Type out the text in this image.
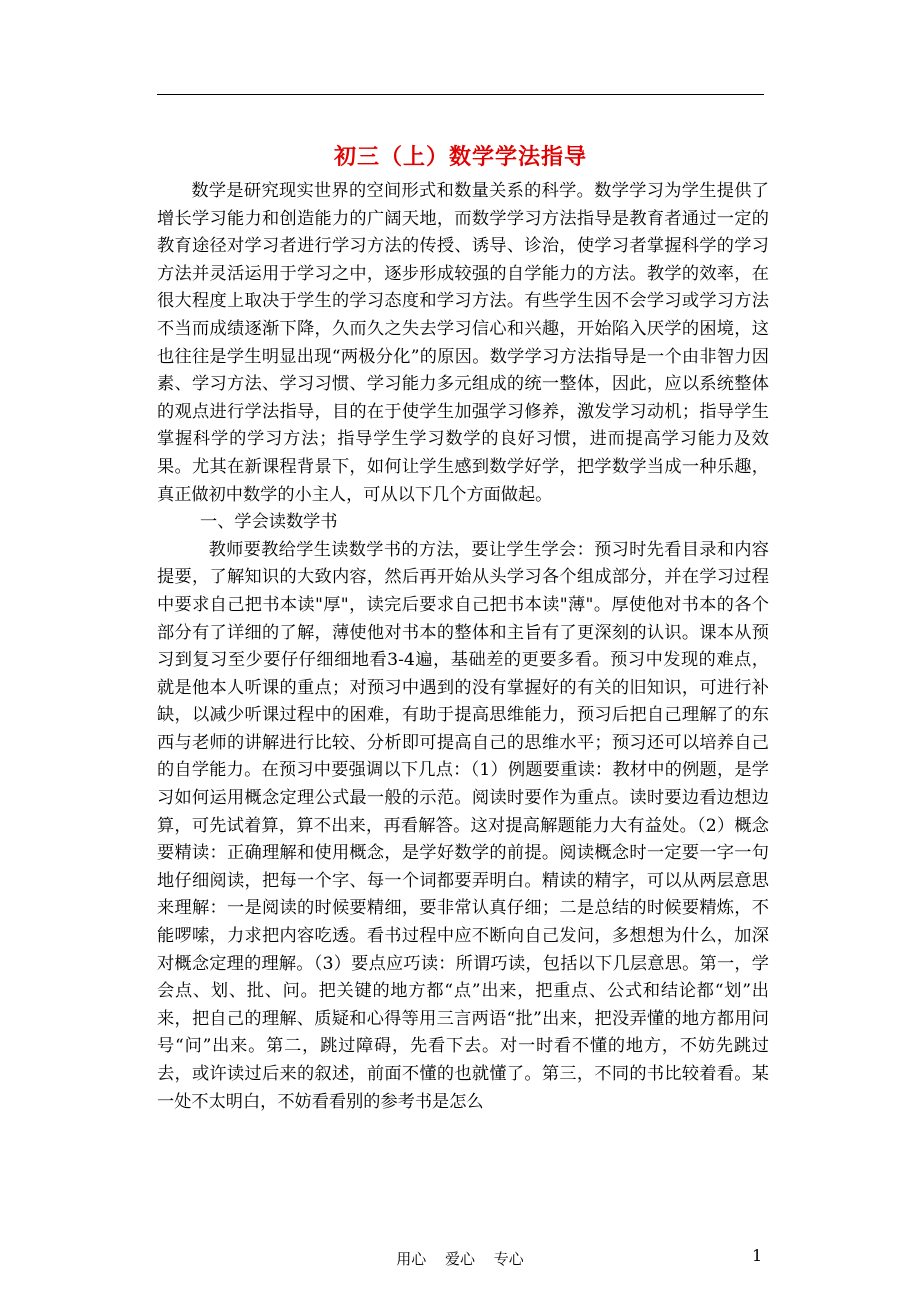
初三（上）数学学法指导

数学是研究现实世界的空间形式和数量关系的科学。数学学习为学生提供了增长学习能力和创造能力的广阔天地，而数学学习方法指导是教育者通过一定的教育途径对学习者进行学习方法的传授、诱导、诊治，使学习者掌握科学的学习方法并灵活运用于学习之中，逐步形成较强的自学能力的方法。教学的效率，在很大程度上取决于学生的学习态度和学习方法。有些学生因不会学习或学习方法不当而成绩逐渐下降，久而久之失去学习信心和兴趣，开始陷入厌学的困境，这也往往是学生明显出现“两极分化”的原因。数学学习方法指导是一个由非智力因素、学习方法、学习习惯、学习能力多元组成的统一整体，因此，应以系统整体的观点进行学法指导，目的在于使学生加强学习修养，激发学习动机；指导学生掌握科学的学习方法；指导学生学习数学的良好习惯，进而提高学习能力及效果。尤其在新课程背景下，如何让学生感到数学好学，把学数学当成一种乐趣，真正做初中数学的小主人，可从以下几个方面做起。

一、学会读数学书

教师要教给学生读数学书的方法，要让学生学会：预习时先看目录和内容提要，了解知识的大致内容，然后再开始从头学习各个组成部分，并在学习过程中要求自己把书本读"厚"，读完后要求自己把书本读"薄"。厚使他对书本的各个部分有了详细的了解，薄使他对书本的整体和主旨有了更深刻的认识。课本从预习到复习至少要仔仔细细地看3-4遍，基础差的更要多看。预习中发现的难点，就是他本人听课的重点；对预习中遇到的没有掌握好的有关的旧知识，可进行补缺，以减少听课过程中的困难，有助于提高思维能力，预习后把自己理解了的东西与老师的讲解进行比较、分析即可提高自己的思维水平；预习还可以培养自己的自学能力。在预习中要强调以下几点：（1）例题要重读：教材中的例题，是学习如何运用概念定理公式最一般的示范。阅读时要作为重点。读时要边看边想边算，可先试着算，算不出来，再看解答。这对提高解题能力大有益处。（2）概念要精读：正确理解和使用概念，是学好数学的前提。阅读概念时一定要一字一句地仔细阅读，把每一个字、每一个词都要弄明白。精读的精字，可以从两层意思来理解：一是阅读的时候要精细，要非常认真仔细；二是总结的时候要精炼，不能啰嗦，力求把内容吃透。看书过程中应不断向自己发问，多想想为什么，加深对概念定理的理解。（3）要点应巧读：所谓巧读，包括以下几层意思。第一，学会点、划、批、问。把关键的地方都“点”出来，把重点、公式和结论都“划”出来，把自己的理解、质疑和心得等用三言两语“批”出来，把没弄懂的地方都用问号“问”出来。第二，跳过障碍，先看下去。对一时看不懂的地方，不妨先跳过去，或许读过后来的叙述，前面不懂的也就懂了。第三，不同的书比较着看。某一处不太明白，不妨看看别的参考书是怎么

用心 爱心 专心	1
